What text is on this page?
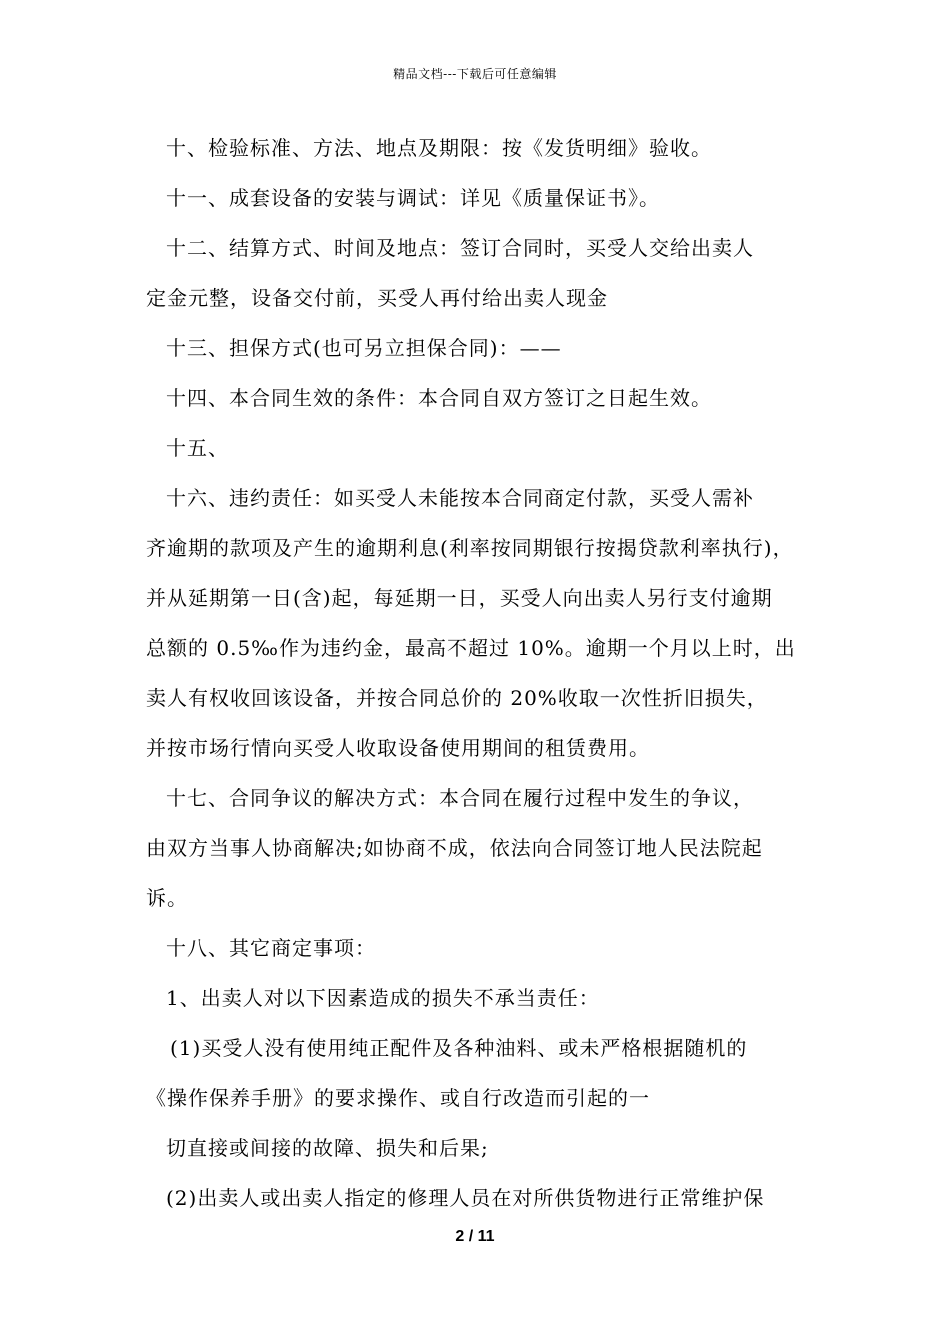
精品文档---下载后可任意编辑
十、检验标准、方法、地点及期限：按《发货明细》验收。
十一、成套设备的安装与调试：详见《质量保证书》。
十二、结算方式、时间及地点：签订合同时，买受人交给出卖人
定金元整，设备交付前，买受人再付给出卖人现金
十三、担保方式(也可另立担保合同)：——
十四、本合同生效的条件：本合同自双方签订之日起生效。
十五、
十六、违约责任：如买受人未能按本合同商定付款，买受人需补
齐逾期的款项及产生的逾期利息(利率按同期银行按揭贷款利率执行)，
并从延期第一日(含)起，每延期一日，买受人向出卖人另行支付逾期
总额的 0.5‰作为违约金，最高不超过 10%。逾期一个月以上时，出
卖人有权收回该设备，并按合同总价的 20%收取一次性折旧损失，
并按市场行情向买受人收取设备使用期间的租赁费用。
十七、合同争议的解决方式：本合同在履行过程中发生的争议，
由双方当事人协商解决;如协商不成，依法向合同签订地人民法院起
诉。
十八、其它商定事项：
1、出卖人对以下因素造成的损失不承当责任：
(1)买受人没有使用纯正配件及各种油料、或未严格根据随机的
《操作保养手册》的要求操作、或自行改造而引起的一
切直接或间接的故障、损失和后果;
(2)出卖人或出卖人指定的修理人员在对所供货物进行正常维护保
2 / 11
